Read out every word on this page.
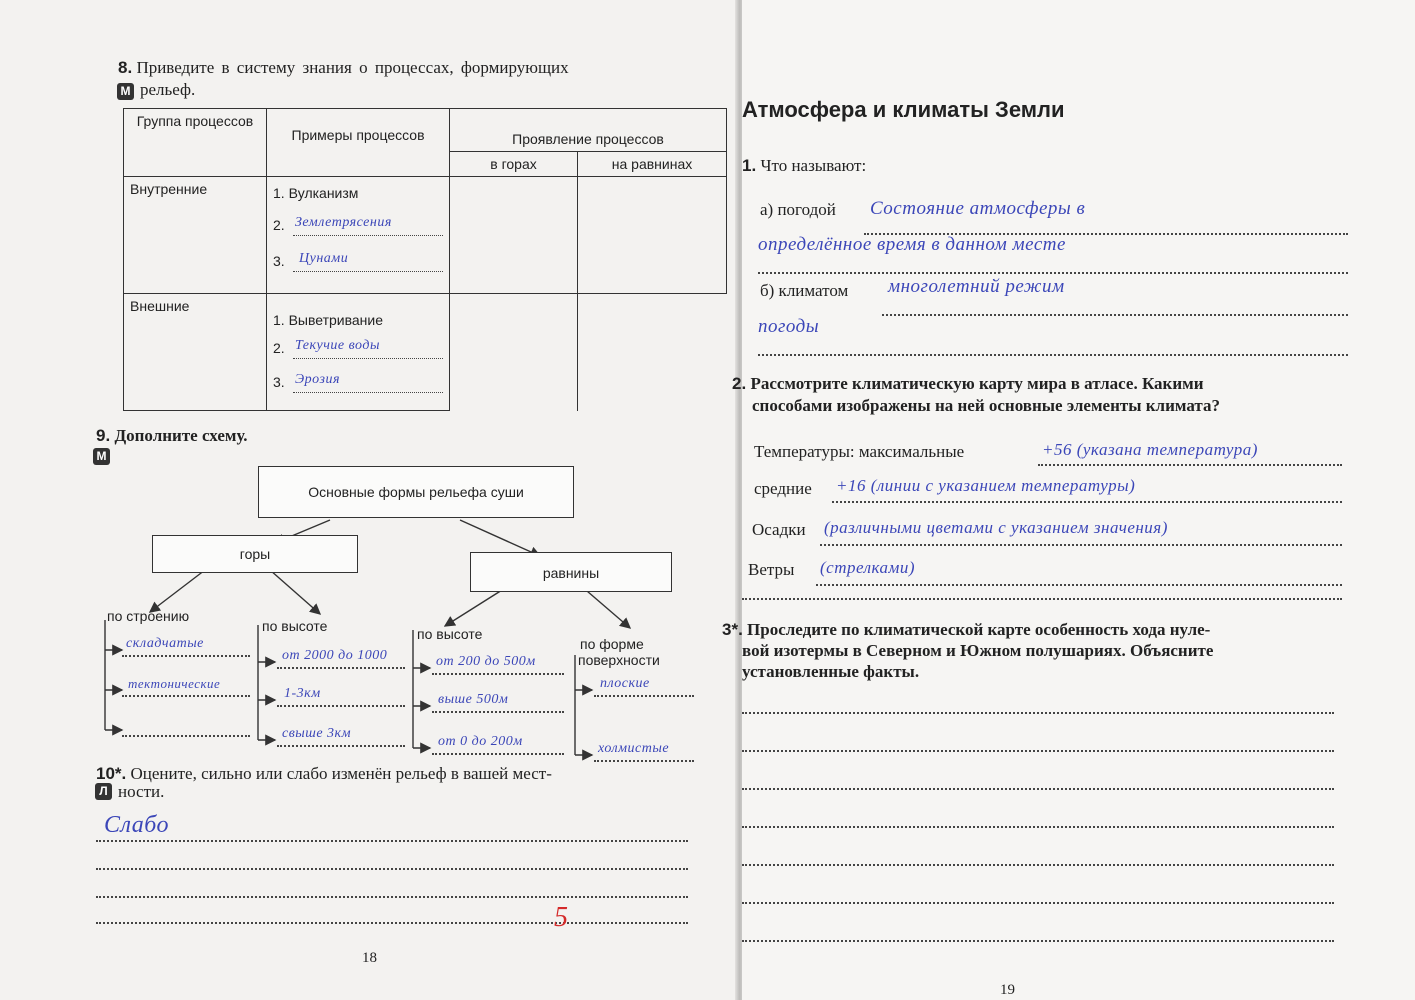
8. Приведите в систему знания о процессах, формирующих
М рельеф.
Группа процессов	Примеры процессов	Проявление процессов	
		в горах	на равнинах
Внутренние	1. Вулканизм
2. Землетрясения
3. Цунами		

Внешние	1. Выветривание
2. Текучие воды
3. Эрозия		

9. Дополните схему.
М
Основные формы рельефа суши
горы
равнины
по строению
по высоте	по высоте
по форме
поверхности
складчатые
тектонические
от 2000 до 1000
1-3км
свыше 3км
от 200 до 500м
выше 500м
от 0 до 200м
плоские
холмистые
10*. Оцените, сильно или слабо изменён рельеф в вашей мест-
Л ности.
Слабо
5
18
Атмосфера и климаты Земли
1. Что называют:
а) погодой Состояние атмосферы в
определённое время в данном месте
б) климатом многолетний режим
погоды
2. Рассмотрите климатическую карту мира в атласе. Какими
способами изображены на ней основные элементы климата?
Температуры: максимальные	+56 (указана температура)
средние +16 (линии с указанием температуры)
Осадки (различными цветами с указанием значения)
Ветры (стрелками)
3*. Проследите по климатической карте особенность хода нуле-
вой изотермы в Северном и Южном полушариях. Объясните
установленные факты.
19
